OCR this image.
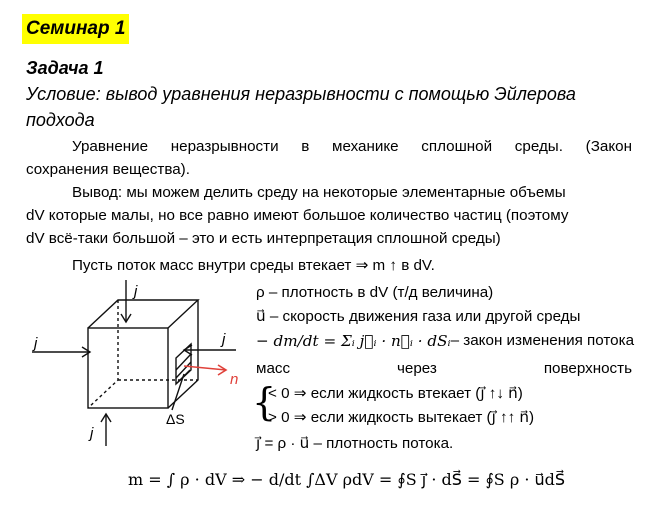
Семинар 1
Задача 1
Условие: вывод уравнения неразрывности с помощью Эйлерова
подхода
Уравнение неразрывности в механике сплошной среды. (Закон
сохранения вещества).
Вывод: мы можем делить среду на некоторые элементарные объемы
dV которые малы, но все равно имеют большое количество частиц (поэтому
dV всё-таки большой – это и есть интерпретация сплошной среды)
Пусть поток масс внутри среды втекает ⇒ m ↑ в dV.
j
j	j
j
n
ΔS
ρ – плотность в dV (т/д величина)
u⃗ – скорость движения газа или другой среды
− dm/dt = Σᵢ j⃗ᵢ · n⃗ᵢ · dSᵢ – закон изменения потока
масс	через	поверхность
{
< 0 ⇒ если жидкость втекает (j⃗ ↑↓ n⃗)
> 0 ⇒ если жидкость вытекает (j⃗ ↑↑ n⃗)
j⃗ = ρ · u⃗ – плотность потока.
m = ∫ ρ · dV ⇒ − d/dt ∫ΔV ρdV = ∮S j⃗ · dS⃗ = ∮S ρ · u⃗dS⃗
